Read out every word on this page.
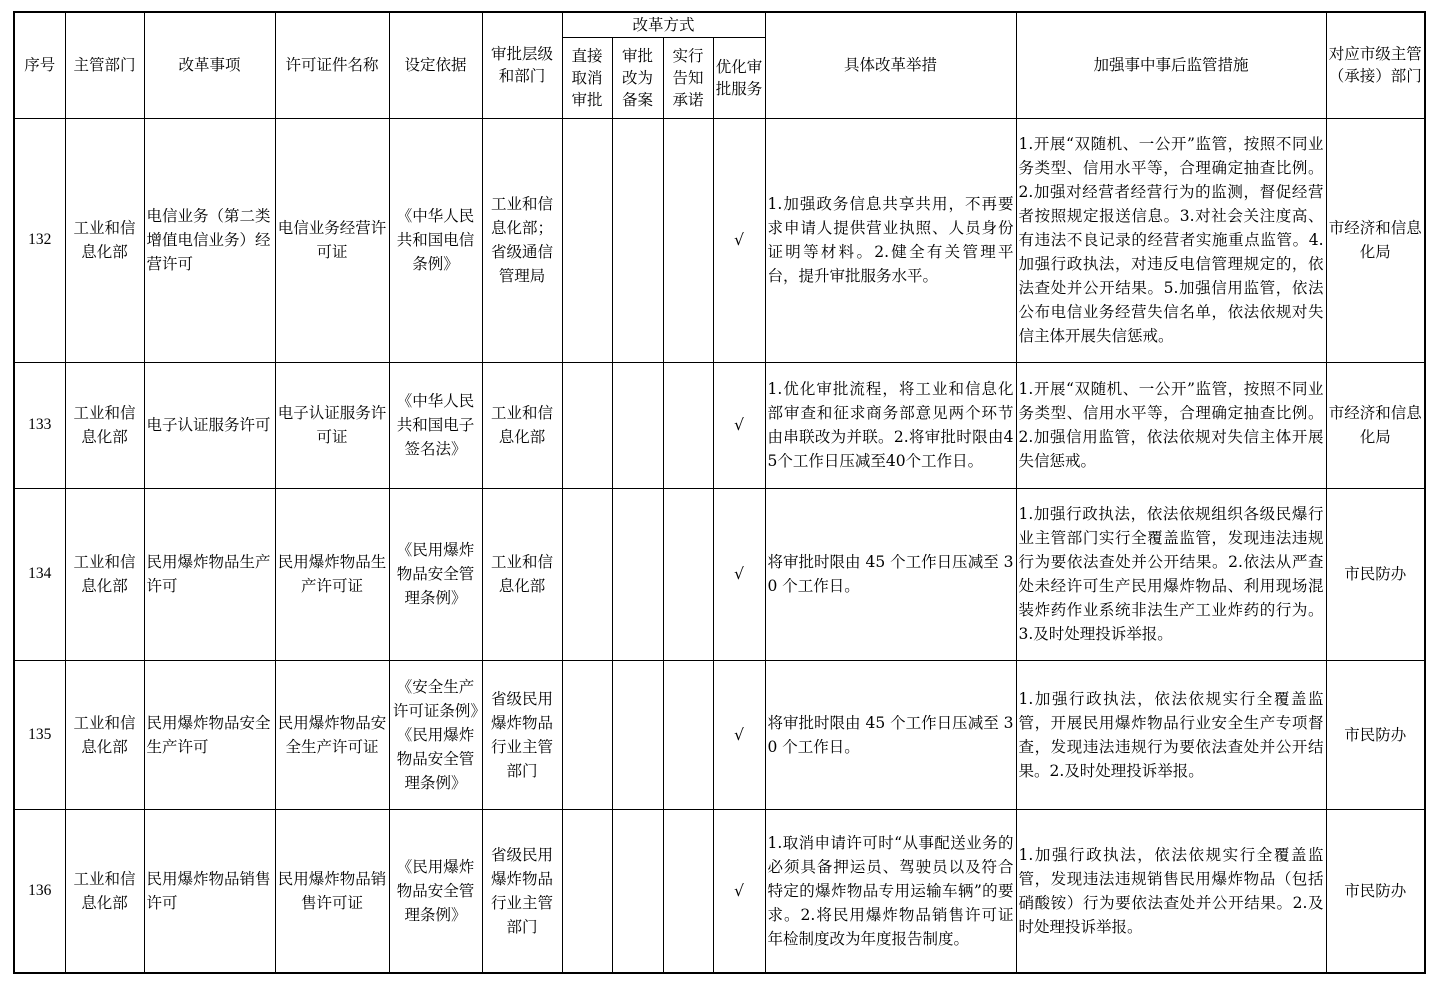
序号	主管部门	改革事项	许可证件名称	设定依据	审批层级和部门	改革方式				具体改革举措	加强事中事后监管措施	对应市级主管（承接）部门
						直接取消审批	审批改为备案	实行告知承诺	优化审批服务			
132	工业和信息化部	电信业务（第二类增值电信业务）经营许可	电信业务经营许可证	《中华人民共和国电信条例》	工业和信息化部；省级通信管理局				√	1.加强政务信息共享共用，不再要求申请人提供营业执照、人员身份证明等材料。2.健全有关管理平台，提升审批服务水平。	1.开展“双随机、一公开”监管，按照不同业务类型、信用水平等，合理确定抽查比例。2.加强对经营者经营行为的监测，督促经营者按照规定报送信息。3.对社会关注度高、有违法不良记录的经营者实施重点监管。4.加强行政执法，对违反电信管理规定的，依法查处并公开结果。5.加强信用监管，依法公布电信业务经营失信名单，依法依规对失信主体开展失信惩戒。	市经济和信息化局
133	工业和信息化部	电子认证服务许可	电子认证服务许可证	《中华人民共和国电子签名法》	工业和信息化部				√	1.优化审批流程，将工业和信息化部审查和征求商务部意见两个环节由串联改为并联。2.将审批时限由45个工作日压减至40个工作日。	1.开展“双随机、一公开”监管，按照不同业务类型、信用水平等，合理确定抽查比例。2.加强信用监管，依法依规对失信主体开展失信惩戒。	市经济和信息化局
134	工业和信息化部	民用爆炸物品生产许可	民用爆炸物品生产许可证	《民用爆炸物品安全管理条例》	工业和信息化部				√	将审批时限由 45 个工作日压减至 30 个工作日。	1.加强行政执法，依法依规组织各级民爆行业主管部门实行全覆盖监管，发现违法违规行为要依法查处并公开结果。2.依法从严查处未经许可生产民用爆炸物品、利用现场混装炸药作业系统非法生产工业炸药的行为。3.及时处理投诉举报。	市民防办
135	工业和信息化部	民用爆炸物品安全生产许可	民用爆炸物品安全生产许可证	《安全生产许可证条例》《民用爆炸物品安全管理条例》	省级民用爆炸物品行业主管部门				√	将审批时限由 45 个工作日压减至 30 个工作日。	1.加强行政执法，依法依规实行全覆盖监管，开展民用爆炸物品行业安全生产专项督查，发现违法违规行为要依法查处并公开结果。2.及时处理投诉举报。	市民防办
136	工业和信息化部	民用爆炸物品销售许可	民用爆炸物品销售许可证	《民用爆炸物品安全管理条例》	省级民用爆炸物品行业主管部门				√	1.取消申请许可时“从事配送业务的必须具备押运员、驾驶员以及符合特定的爆炸物品专用运输车辆”的要求。2.将民用爆炸物品销售许可证年检制度改为年度报告制度。	1.加强行政执法，依法依规实行全覆盖监管，发现违法违规销售民用爆炸物品（包括硝酸铵）行为要依法查处并公开结果。2.及时处理投诉举报。	市民防办
